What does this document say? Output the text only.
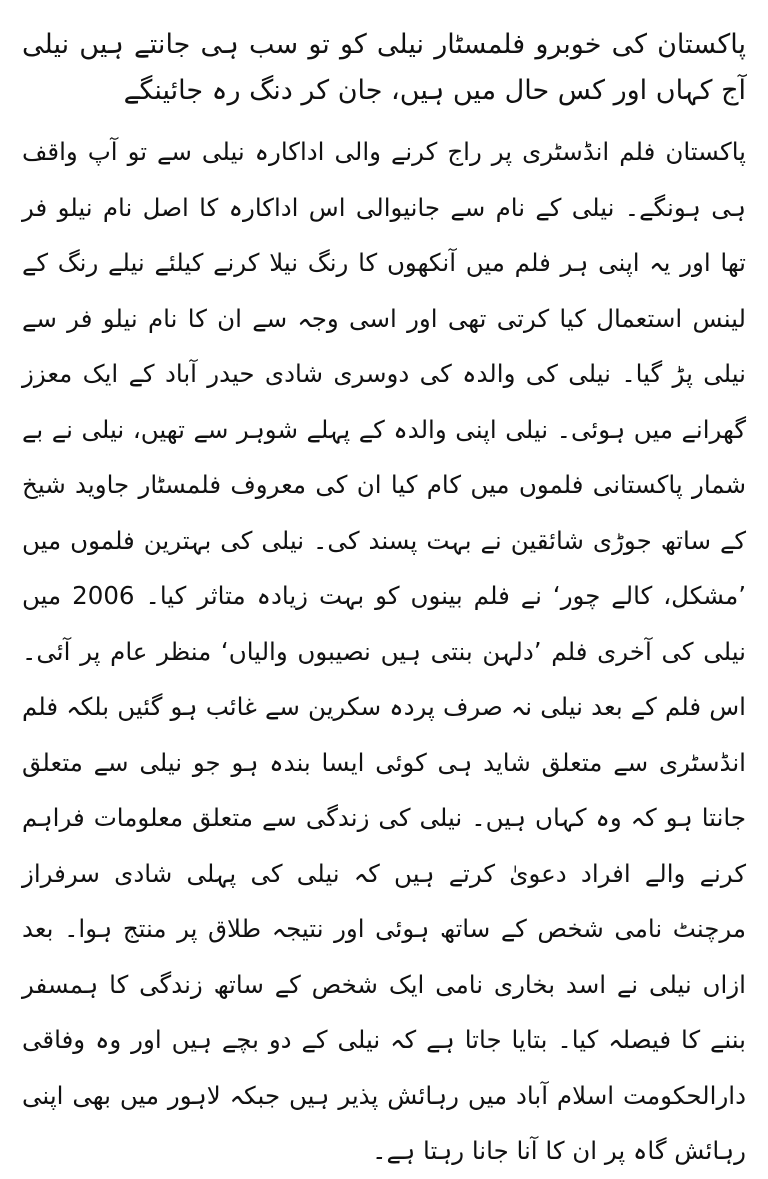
پاکستان کی خوبرو فلمسٹار نیلی کو تو سب ہی جانتے ہیں نیلی آج کہاں اور کس حال میں ہیں، جان کر دنگ رہ جائینگے

پاکستان فلم انڈسٹری پر راج کرنے والی اداکارہ نیلی سے تو آپ واقف ہی ہونگے۔ نیلی کے نام سے جانیوالی اس اداکارہ کا اصل نام نیلو فر تھا اور یہ اپنی ہر فلم میں آنکھوں کا رنگ نیلا کرنے کیلئے نیلے رنگ کے لینس استعمال کیا کرتی تھی اور اسی وجہ سے ان کا نام نیلو فر سے نیلی پڑ گیا۔ نیلی کی والدہ کی دوسری شادی حیدر آباد کے ایک معزز گھرانے میں ہوئی۔ نیلی اپنی والدہ کے پہلے شوہر سے تھیں، نیلی نے بے شمار پاکستانی فلموں میں کام کیا ان کی معروف فلمسٹار جاوید شیخ کے ساتھ جوڑی شائقین نے بہت پسند کی۔ نیلی کی بہترین فلموں میں ’مشکل، کالے چور‘ نے فلم بینوں کو بہت زیادہ متاثر کیا۔ 2006 میں نیلی کی آخری فلم ’دلہن بنتی ہیں نصیبوں والیاں‘ منظر عام پر آئی۔ اس فلم کے بعد نیلی نہ صرف پردہ سکرین سے غائب ہو گئیں بلکہ فلم انڈسٹری سے متعلق شاید ہی کوئی ایسا بندہ ہو جو نیلی سے متعلق جانتا ہو کہ وہ کہاں ہیں۔ نیلی کی زندگی سے متعلق معلومات فراہم کرنے والے افراد دعویٰ کرتے ہیں کہ نیلی کی پہلی شادی سرفراز مرچنٹ نامی شخص کے ساتھ ہوئی اور نتیجہ طلاق پر منتج ہوا۔ بعد ازاں نیلی نے اسد بخاری نامی ایک شخص کے ساتھ زندگی کا ہمسفر بننے کا فیصلہ کیا۔ بتایا جاتا ہے کہ نیلی کے دو بچے ہیں اور وہ وفاقی دارالحکومت اسلام آباد میں رہائش پذیر ہیں جبکہ لاہور میں بھی اپنی رہائش گاہ پر ان کا آنا جانا رہتا ہے۔
